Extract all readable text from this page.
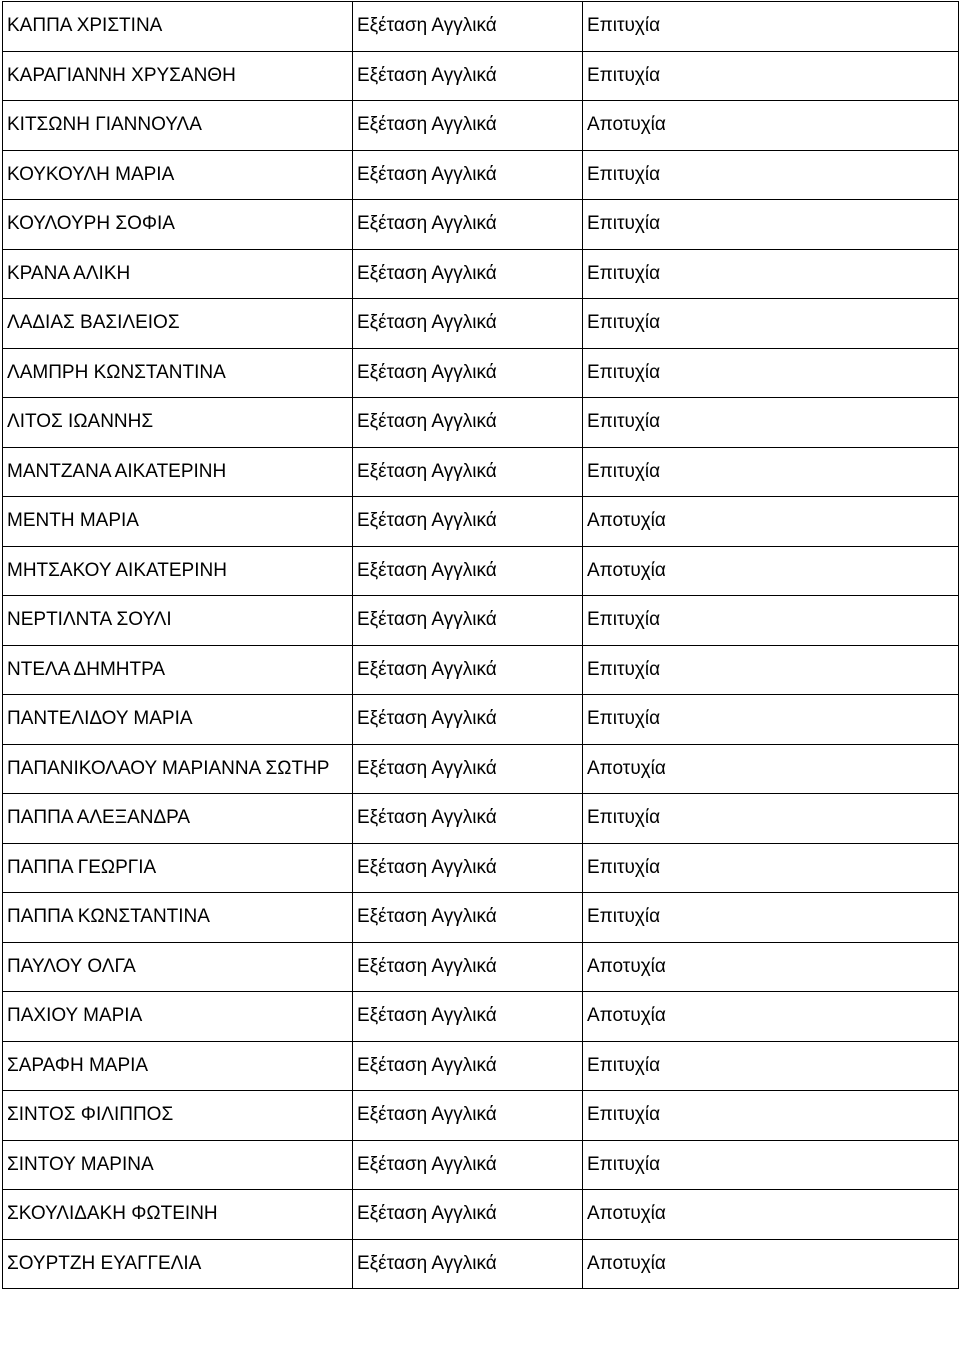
ΚΑΠΠΑ ΧΡΙΣΤΙΝΑ	Εξέταση Αγγλικά	Επιτυχία
ΚΑΡΑΓΙΑΝΝΗ ΧΡΥΣΑΝΘΗ	Εξέταση Αγγλικά	Επιτυχία
ΚΙΤΣΩΝΗ ΓΙΑΝΝΟΥΛΑ	Εξέταση Αγγλικά	Αποτυχία
ΚΟΥΚΟΥΛΗ ΜΑΡΙΑ	Εξέταση Αγγλικά	Επιτυχία
ΚΟΥΛΟΥΡΗ ΣΟΦΙΑ	Εξέταση Αγγλικά	Επιτυχία
ΚΡΑΝΑ ΑΛΙΚΗ	Εξέταση Αγγλικά	Επιτυχία
ΛΑΔΙΑΣ ΒΑΣΙΛΕΙΟΣ	Εξέταση Αγγλικά	Επιτυχία
ΛΑΜΠΡΗ ΚΩΝΣΤΑΝΤΙΝΑ	Εξέταση Αγγλικά	Επιτυχία
ΛΙΤΟΣ ΙΩΑΝΝΗΣ	Εξέταση Αγγλικά	Επιτυχία
ΜΑΝΤΖΑΝΑ ΑΙΚΑΤΕΡΙΝΗ	Εξέταση Αγγλικά	Επιτυχία
ΜΕΝΤΗ ΜΑΡΙΑ	Εξέταση Αγγλικά	Αποτυχία
ΜΗΤΣΑΚΟΥ ΑΙΚΑΤΕΡΙΝΗ	Εξέταση Αγγλικά	Αποτυχία
ΝΕΡΤΙΛΝΤΑ ΣΟΥΛΙ	Εξέταση Αγγλικά	Επιτυχία
ΝΤΕΛΑ ΔΗΜΗΤΡΑ	Εξέταση Αγγλικά	Επιτυχία
ΠΑΝΤΕΛΙΔΟΥ ΜΑΡΙΑ	Εξέταση Αγγλικά	Επιτυχία
ΠΑΠΑΝΙΚΟΛΑΟΥ ΜΑΡΙΑΝΝΑ ΣΩΤΗΡ	Εξέταση Αγγλικά	Αποτυχία
ΠΑΠΠΑ ΑΛΕΞΑΝΔΡΑ	Εξέταση Αγγλικά	Επιτυχία
ΠΑΠΠΑ ΓΕΩΡΓΙΑ	Εξέταση Αγγλικά	Επιτυχία
ΠΑΠΠΑ ΚΩΝΣΤΑΝΤΙΝΑ	Εξέταση Αγγλικά	Επιτυχία
ΠΑΥΛΟΥ ΟΛΓΑ	Εξέταση Αγγλικά	Αποτυχία
ΠΑΧΙΟΥ ΜΑΡΙΑ	Εξέταση Αγγλικά	Αποτυχία
ΣΑΡΑΦΗ ΜΑΡΙΑ	Εξέταση Αγγλικά	Επιτυχία
ΣΙΝΤΟΣ ΦΙΛΙΠΠΟΣ	Εξέταση Αγγλικά	Επιτυχία
ΣΙΝΤΟΥ ΜΑΡΙΝΑ	Εξέταση Αγγλικά	Επιτυχία
ΣΚΟΥΛΙΔΑΚΗ ΦΩΤΕΙΝΗ	Εξέταση Αγγλικά	Αποτυχία
ΣΟΥΡΤΖΗ ΕΥΑΓΓΕΛΙΑ	Εξέταση Αγγλικά	Αποτυχία
